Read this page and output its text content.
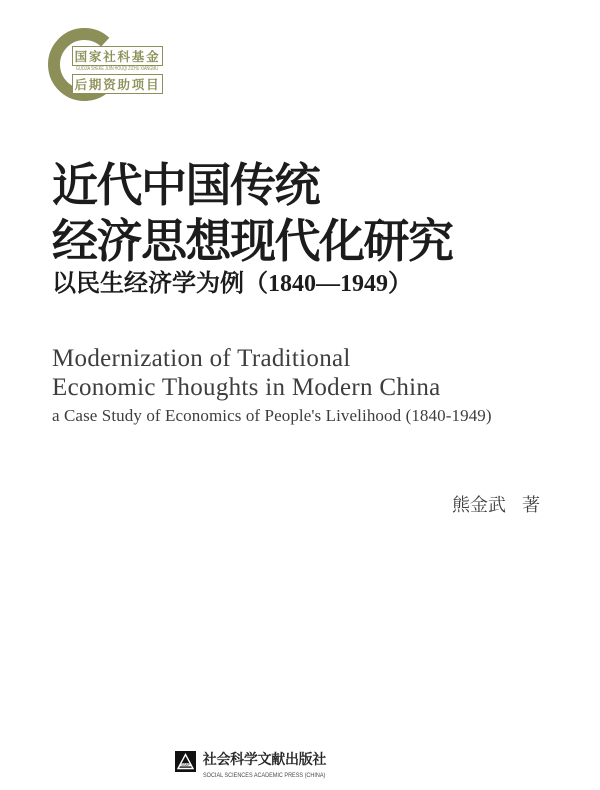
国家社科基金
GUOJIA SHEKE JIJIN HOUQI ZIZHU XIANGMU
后期资助项目
近代中国传统
经济思想现代化研究
以民生经济学为例（1840—1949）
Modernization of Traditional
Economic Thoughts in Modern China
a Case Study of Economics of People's Livelihood (1840-1949)
熊金武 著
SSAP 社会科学文献出版社
SOCIAL SCIENCES ACADEMIC PRESS (CHINA)
